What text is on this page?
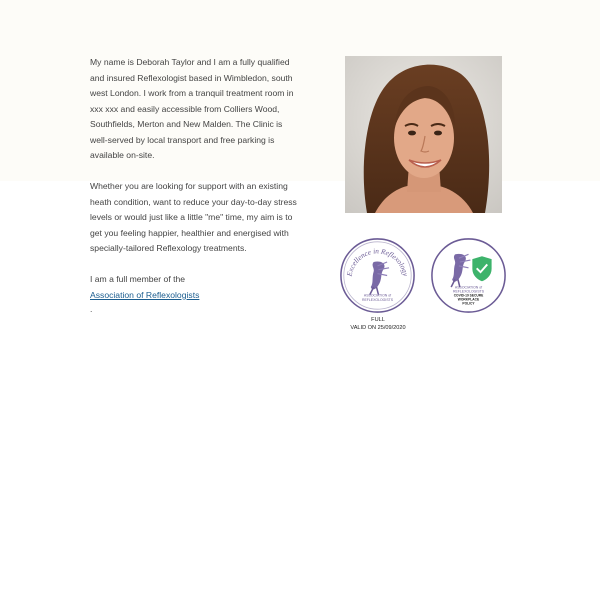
My name is Deborah Taylor and I am a fully qualified and insured Reflexologist based in Wimbledon, south west London. I work from a tranquil treatment room in xxx xxx and easily accessible from Colliers Wood, Southfields, Merton and New Malden. The Clinic is well-served by local transport and free parking is available on-site.

Whether you are looking for support with an existing heath condition, want to reduce your day-to-day stress levels or would just like a little "me" time, my aim is to get you feeling happier, healthier and energised with specially-tailored Reflexology treatments.

I am a full member of the
Association of Reflexologists
.
Excellence in Reflexology
ASSOCIATION of
REFLEXOLOGISTS
FULL
VALID ON 25/09/2020
ASSOCIATION of
REFLEXOLOGISTS
COVID-19 SECURE
WORKPLACE
POLICY
